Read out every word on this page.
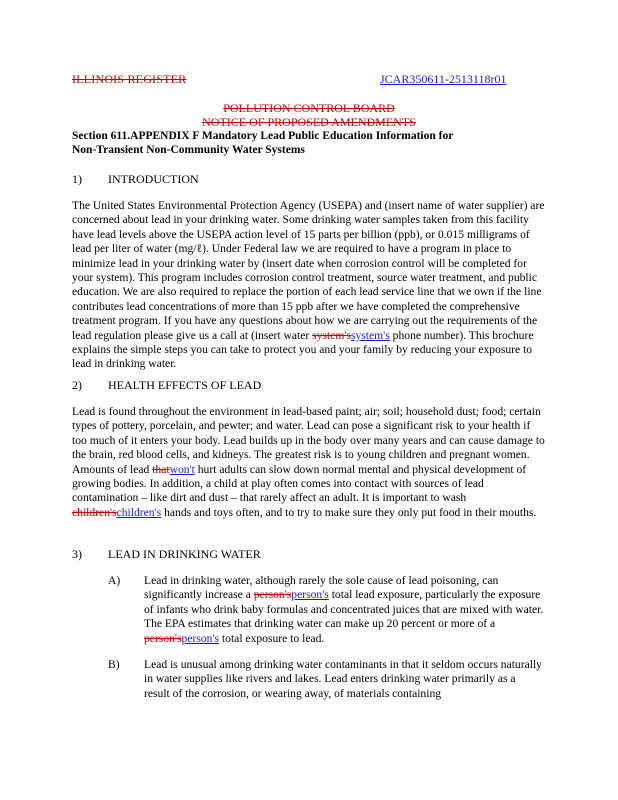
ILLINOIS REGISTER	JCAR350611-2513118r01
POLLUTION CONTROL BOARD
NOTICE OF PROPOSED AMENDMENTS
Section 611.APPENDIX F Mandatory Lead Public Education Information for
Non-Transient Non-Community Water Systems
1) INTRODUCTION
The United States Environmental Protection Agency (USEPA) and (insert name of water supplier) are concerned about lead in your drinking water. Some drinking water samples taken from this facility have lead levels above the USEPA action level of 15 parts per billion (ppb), or 0.015 milligrams of lead per liter of water (mg/ℓ). Under Federal law we are required to have a program in place to minimize lead in your drinking water by (insert date when corrosion control will be completed for your system). This program includes corrosion control treatment, source water treatment, and public education. We are also required to replace the portion of each lead service line that we own if the line contributes lead concentrations of more than 15 ppb after we have completed the comprehensive treatment program. If you have any questions about how we are carrying out the requirements of the lead regulation please give us a call at (insert water system'ssystem's phone number). This brochure explains the simple steps you can take to protect you and your family by reducing your exposure to lead in drinking water.
2) HEALTH EFFECTS OF LEAD
Lead is found throughout the environment in lead-based paint; air; soil; household dust; food; certain types of pottery, porcelain, and pewter; and water. Lead can pose a significant risk to your health if too much of it enters your body. Lead builds up in the body over many years and can cause damage to the brain, red blood cells, and kidneys. The greatest risk is to young children and pregnant women. Amounts of lead thatwon't hurt adults can slow down normal mental and physical development of growing bodies. In addition, a child at play often comes into contact with sources of lead contamination – like dirt and dust – that rarely affect an adult. It is important to wash children'schildren's hands and toys often, and to try to make sure they only put food in their mouths.
3) LEAD IN DRINKING WATER
A) Lead in drinking water, although rarely the sole cause of lead poisoning, can significantly increase a person'sperson's total lead exposure, particularly the exposure of infants who drink baby formulas and concentrated juices that are mixed with water. The EPA estimates that drinking water can make up 20 percent or more of a person'sperson's total exposure to lead.
B) Lead is unusual among drinking water contaminants in that it seldom occurs naturally in water supplies like rivers and lakes. Lead enters drinking water primarily as a result of the corrosion, or wearing away, of materials containing
